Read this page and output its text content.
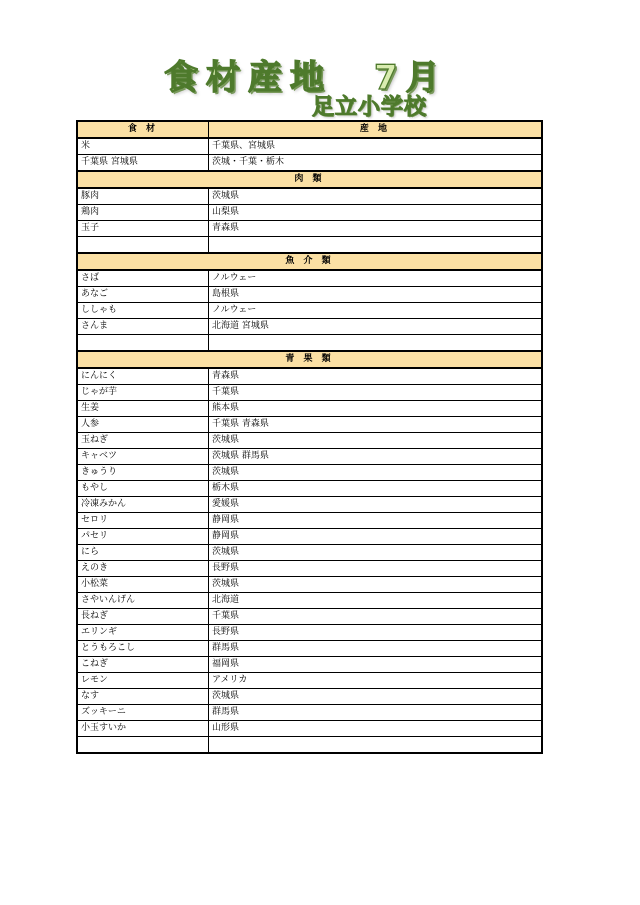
食材産地　7月
足立小学校
食 材	産 地
米	千葉県、宮城県
千葉県 宮城県	茨城・千葉・栃木
肉 類	
豚肉	茨城県
鶏肉	山梨県
玉子	青森県

魚 介 類	
さば	ノルウェー
あなご	島根県
ししゃも	ノルウェー
さんま	北海道 宮城県

青 果 類	
にんにく	青森県
じゃが芋	千葉県
生姜	熊本県
人参	千葉県 青森県
玉ねぎ	茨城県
キャベツ	茨城県 群馬県
きゅうり	茨城県
もやし	栃木県
冷凍みかん	愛媛県
セロリ	静岡県
パセリ	静岡県
にら	茨城県
えのき	長野県
小松菜	茨城県
さやいんげん	北海道
長ねぎ	千葉県
エリンギ	長野県
とうもろこし	群馬県
こねぎ	福岡県
レモン	アメリカ
なす	茨城県
ズッキーニ	群馬県
小玉すいか	山形県
